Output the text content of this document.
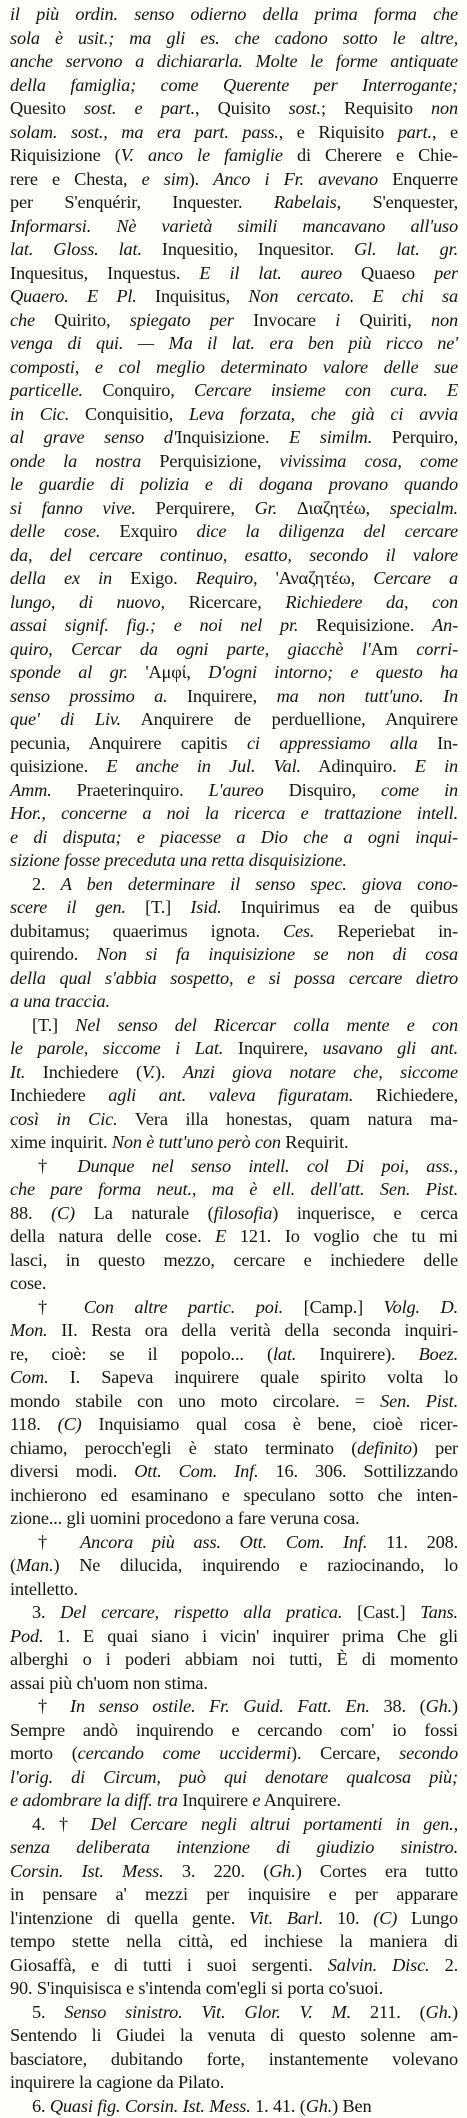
il più ordin. senso odierno della prima forma che
sola è usit.; ma gli es. che cadono sotto le altre,
anche servono a dichiararla. Molte le forme antiquate
della famiglia; come Querente per Interrogante;
Quesito sost. e part., Quisito sost.; Requisito non
solam. sost., ma era part. pass., e Riquisito part., e
Riquisizione (V. anco le famiglie di Cherere e Chie-
rere e Chesta, e sim). Anco i Fr. avevano Enquerre
per S'enquérir, Inquester. Rabelais, S'enquester,
Informarsi. Nè varietà simili mancavano all'uso
lat. Gloss. lat. Inquesitio, Inquesitor. Gl. lat. gr.
Inquesitus, Inquestus. E il lat. aureo Quaeso per
Quaero. E Pl. Inquisitus, Non cercato. E chi sa
che Quirito, spiegato per Invocare i Quiriti, non
venga di qui. — Ma il lat. era ben più ricco ne'
composti, e col meglio determinato valore delle sue
particelle. Conquiro, Cercare insieme con cura. E
in Cic. Conquisitio, Leva forzata, che già ci avvia
al grave senso d'Inquisizione. E similm. Perquiro,
onde la nostra Perquisizione, vivissima cosa, come
le guardie di polizia e di dogana provano quando
si fanno vive. Perquirere, Gr. Διαζητέω, specialm.
delle cose. Exquiro dice la diligenza del cercare
da, del cercare continuo, esatto, secondo il valore
della ex in Exigo. Requiro, 'Αναζητέω, Cercare a
lungo, di nuovo, Ricercare, Richiedere da, con
assai signif. fig.; e noi nel pr. Requisizione. An-
quiro, Cercar da ogni parte, giacchè l'Am corri-
sponde al gr. 'Αμφί, D'ogni intorno; e questo ha
senso prossimo a. Inquirere, ma non tutt'uno. In
que' di Liv. Anquirere de perduellione, Anquirere
pecunia, Anquirere capitis ci appressiamo alla In-
quisizione. E anche in Jul. Val. Adinquiro. E in
Amm. Praeterinquiro. L'aureo Disquiro, come in
Hor., concerne a noi la ricerca e trattazione intell.
e di disputa; e piacesse a Dio che a ogni inqui-
sizione fosse preceduta una retta disquisizione.
2. A ben determinare il senso spec. giova cono-
scere il gen. [T.] Isid. Inquirimus ea de quibus
dubitamus; quaerimus ignota. Ces. Reperiebat in-
quirendo. Non si fa inquisizione se non di cosa
della qual s'abbia sospetto, e si possa cercare dietro
a una traccia.
[T.] Nel senso del Ricercar colla mente e con
le parole, siccome i Lat. Inquirere, usavano gli ant.
It. Inchiedere (V.). Anzi giova notare che, siccome
Inchiedere agli ant. valeva figuratam. Richiedere,
così in Cic. Vera illa honestas, quam natura ma-
xime inquirit. Non è tutt'uno però con Requirit.
† Dunque nel senso intell. col Di poi, ass.,
che pare forma neut., ma è ell. dell'att. Sen. Pist.
88. (C) La naturale (filosofia) inquerisce, e cerca
della natura delle cose. E 121. Io voglio che tu mi
lasci, in questo mezzo, cercare e inchiedere delle
cose.
† Con altre partic. poi. [Camp.] Volg. D.
Mon. II. Resta ora della verità della seconda inquiri-
re, cioè: se il popolo... (lat. Inquirere). Boez.
Com. I. Sapeva inquirere quale spirito volta lo
mondo stabile con uno moto circolare. = Sen. Pist.
118. (C) Inquisiamo qual cosa è bene, cioè ricer-
chiamo, perocch'egli è stato terminato (definito) per
diversi modi. Ott. Com. Inf. 16. 306. Sottilizzando
inchierono ed esaminano e speculano sotto che inten-
zione... gli uomini procedono a fare veruna cosa.
† Ancora più ass. Ott. Com. Inf. 11. 208.
(Man.) Ne dilucida, inquirendo e raziocinando, lo
intelletto.
3. Del cercare, rispetto alla pratica. [Cast.] Tans.
Pod. 1. E quai siano i vicin' inquirer prima Che gli
alberghi o i poderi abbiam noi tutti, È di momento
assai più ch'uom non stima.
† In senso ostile. Fr. Guid. Fatt. En. 38. (Gh.)
Sempre andò inquirendo e cercando com' io fossi
morto (cercando come uccidermi). Cercare, secondo
l'orig. di Circum, può qui denotare qualcosa più;
e adombrare la diff. tra Inquirere e Anquirere.
4. † Del Cercare negli altrui portamenti in gen.,
senza deliberata intenzione di giudizio sinistro.
Corsin. Ist. Mess. 3. 220. (Gh.) Cortes era tutto
in pensare a' mezzi per inquisire e per apparare
l'intenzione di quella gente. Vit. Barl. 10. (C) Lungo
tempo stette nella città, ed inchiese la maniera di
Giosaffà, e di tutti i suoi sergenti. Salvin. Disc. 2.
90. S'inquisisca e s'intenda com'egli si porta co'suoi.
5. Senso sinistro. Vit. Glor. V. M. 211. (Gh.)
Sentendo li Giudei la venuta di questo solenne am-
basciatore, dubitando forte, instantemente volevano
inquirere la cagione da Pilato.
6. Quasi fig. Corsin. Ist. Mess. 1. 41. (Gh.) Ben
